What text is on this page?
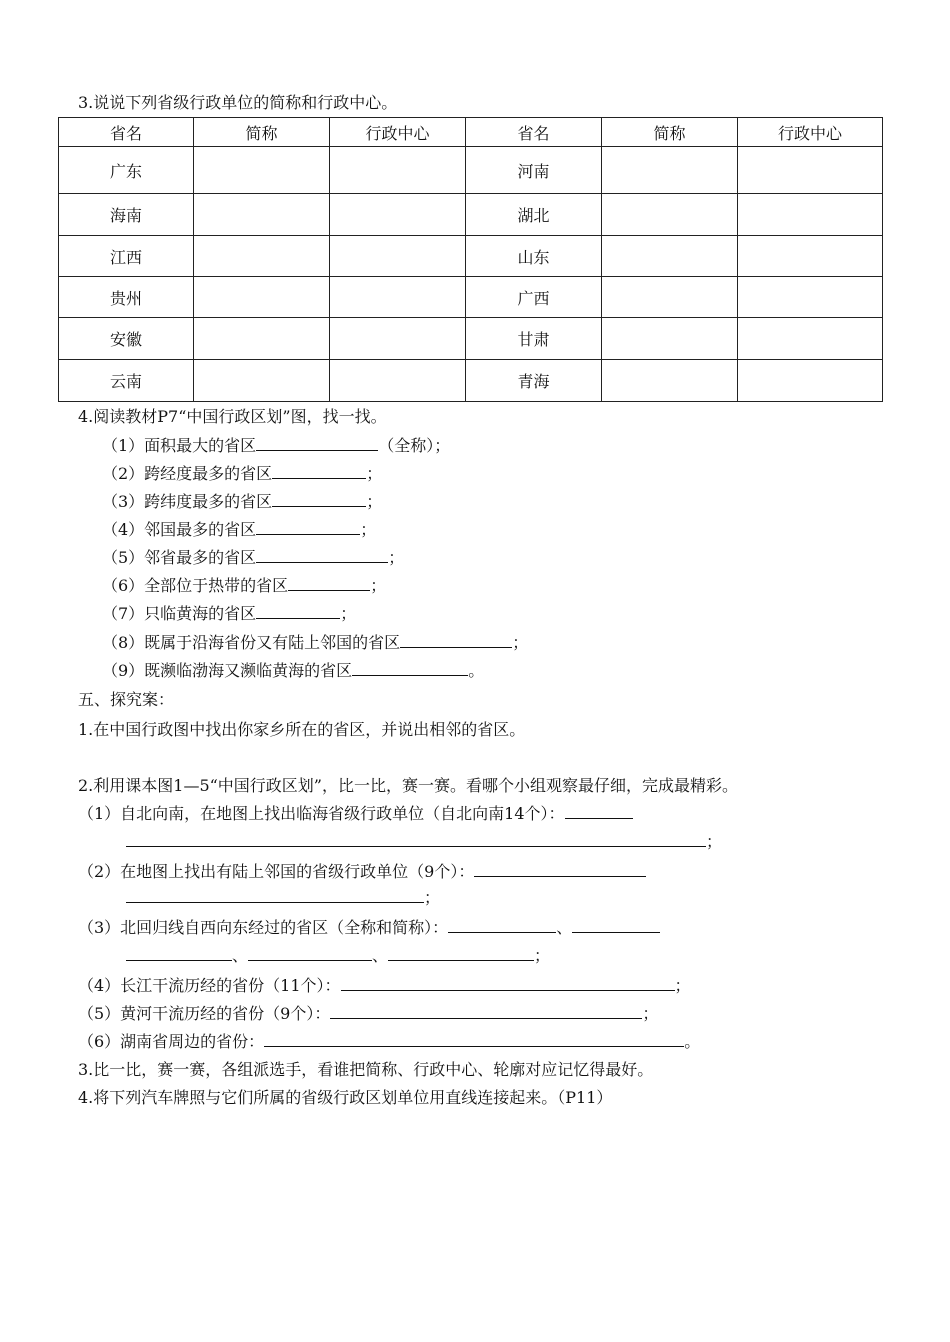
3.说说下列省级行政单位的简称和行政中心。
省名	简称	行政中心	省名	简称	行政中心
广东			河南		
海南			湖北		
江西			山东		
贵州			广西		
安徽			甘肃		
云南			青海		
4.阅读教材P7“中国行政区划”图，找一找。
（1）面积最大的省区	（全称）；
（2）跨经度最多的省区	；
（3）跨纬度最多的省区	；
（4）邻国最多的省区	；
（5）邻省最多的省区	；
（6）全部位于热带的省区	；
（7）只临黄海的省区	；
（8）既属于沿海省份又有陆上邻国的省区	；
（9）既濒临渤海又濒临黄海的省区	。
五、探究案：
1.在中国行政图中找出你家乡所在的省区，并说出相邻的省区。
2.利用课本图1—5“中国行政区划”，比一比，赛一赛。看哪个小组观察最仔细，完成最精彩。
（1）自北向南，在地图上找出临海省级行政单位（自北向南14个）：
；
（2）在地图上找出有陆上邻国的省级行政单位（9个）：
；
（3）北回归线自西向东经过的省区（全称和简称）：	、
、	、	；
（4）长江干流历经的省份（11个）：	；
（5）黄河干流历经的省份（9个）：	；
（6）湖南省周边的省份：	。
3.比一比，赛一赛，各组派选手，看谁把简称、行政中心、轮廓对应记忆得最好。
4.将下列汽车牌照与它们所属的省级行政区划单位用直线连接起来。（P11）
